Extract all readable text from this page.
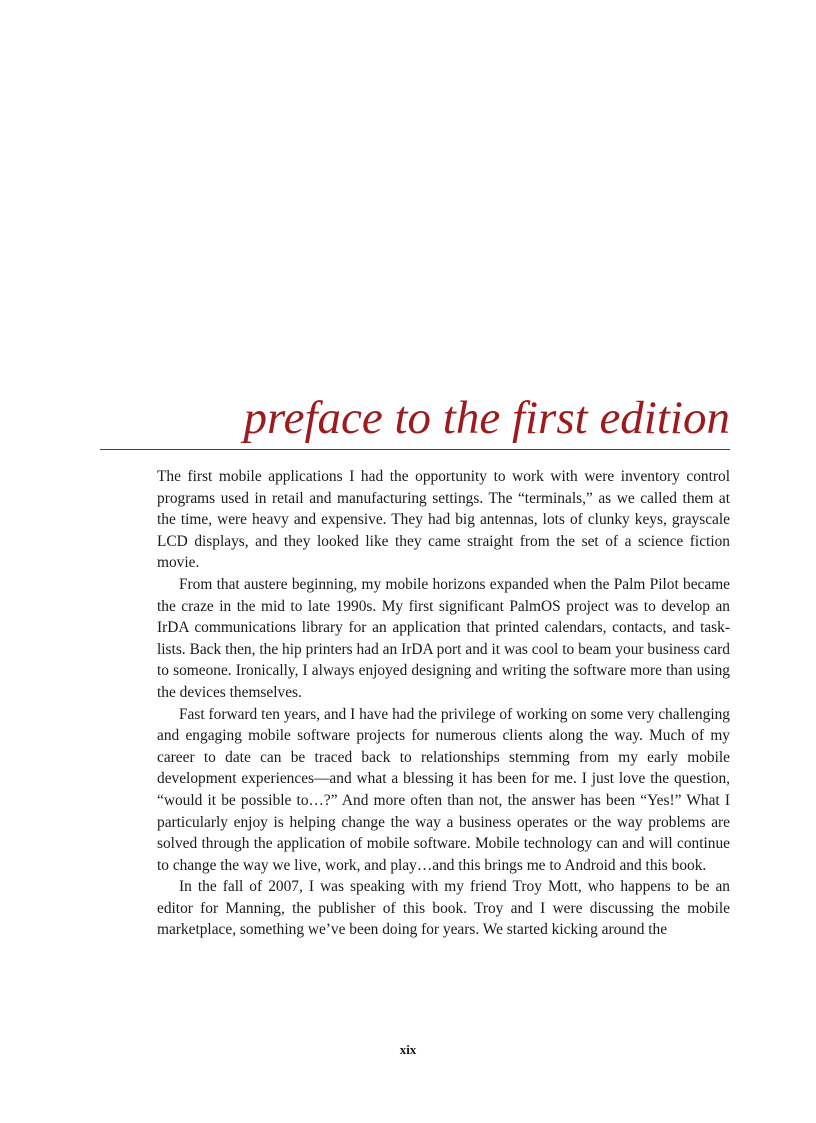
preface to the first edition

The first mobile applications I had the opportunity to work with were inventory control programs used in retail and manufacturing settings. The “terminals,” as we called them at the time, were heavy and expensive. They had big antennas, lots of clunky keys, grayscale LCD displays, and they looked like they came straight from the set of a science fiction movie.

From that austere beginning, my mobile horizons expanded when the Palm Pilot became the craze in the mid to late 1990s. My first significant PalmOS project was to develop an IrDA communications library for an application that printed calendars, contacts, and task-lists. Back then, the hip printers had an IrDA port and it was cool to beam your business card to someone. Ironically, I always enjoyed designing and writing the software more than using the devices themselves.

Fast forward ten years, and I have had the privilege of working on some very challenging and engaging mobile software projects for numerous clients along the way. Much of my career to date can be traced back to relationships stemming from my early mobile development experiences—and what a blessing it has been for me. I just love the question, “would it be possible to…?” And more often than not, the answer has been “Yes!” What I particularly enjoy is helping change the way a business operates or the way problems are solved through the application of mobile software. Mobile technology can and will continue to change the way we live, work, and play…and this brings me to Android and this book.

In the fall of 2007, I was speaking with my friend Troy Mott, who happens to be an editor for Manning, the publisher of this book. Troy and I were discussing the mobile marketplace, something we’ve been doing for years. We started kicking around the

xix
